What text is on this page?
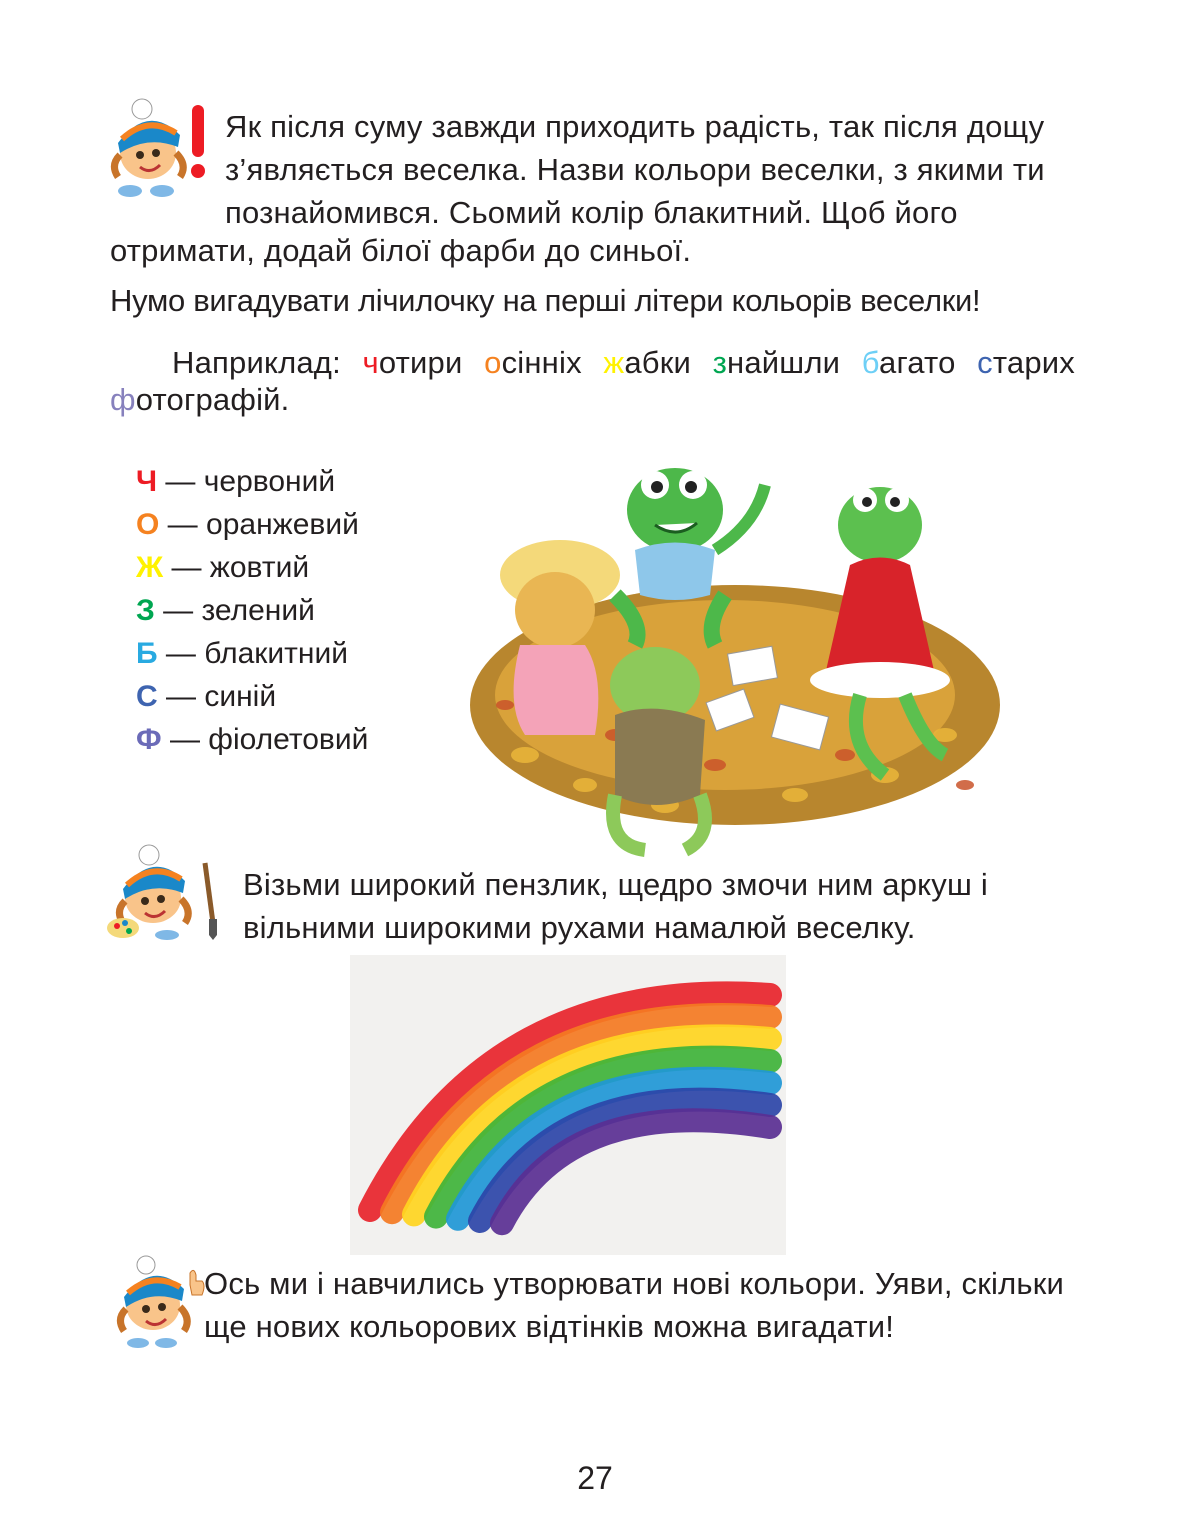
Як після суму завжди приходить радість, так після дощу
з’являється веселка. Назви кольори веселки, з якими ти
познайомився. Сьомий колір блакитний. Щоб його
отримати, додай білої фарби до синьої.
Нумо вигадувати лічилочку на перші літери кольорів веселки!
Наприклад: чотири осінніх жабки знайшли багато старих
фотографій.
Ч — червоний
О — оранжевий
Ж — жовтий
З — зелений
Б — блакитний
С — синій
Ф — фіолетовий
Візьми широкий пензлик, щедро змочи ним аркуш і
вільними широкими рухами намалюй веселку.
Ось ми і навчились утворювати нові кольори. Уяви, скільки
ще нових кольорових відтінків можна вигадати!
27
